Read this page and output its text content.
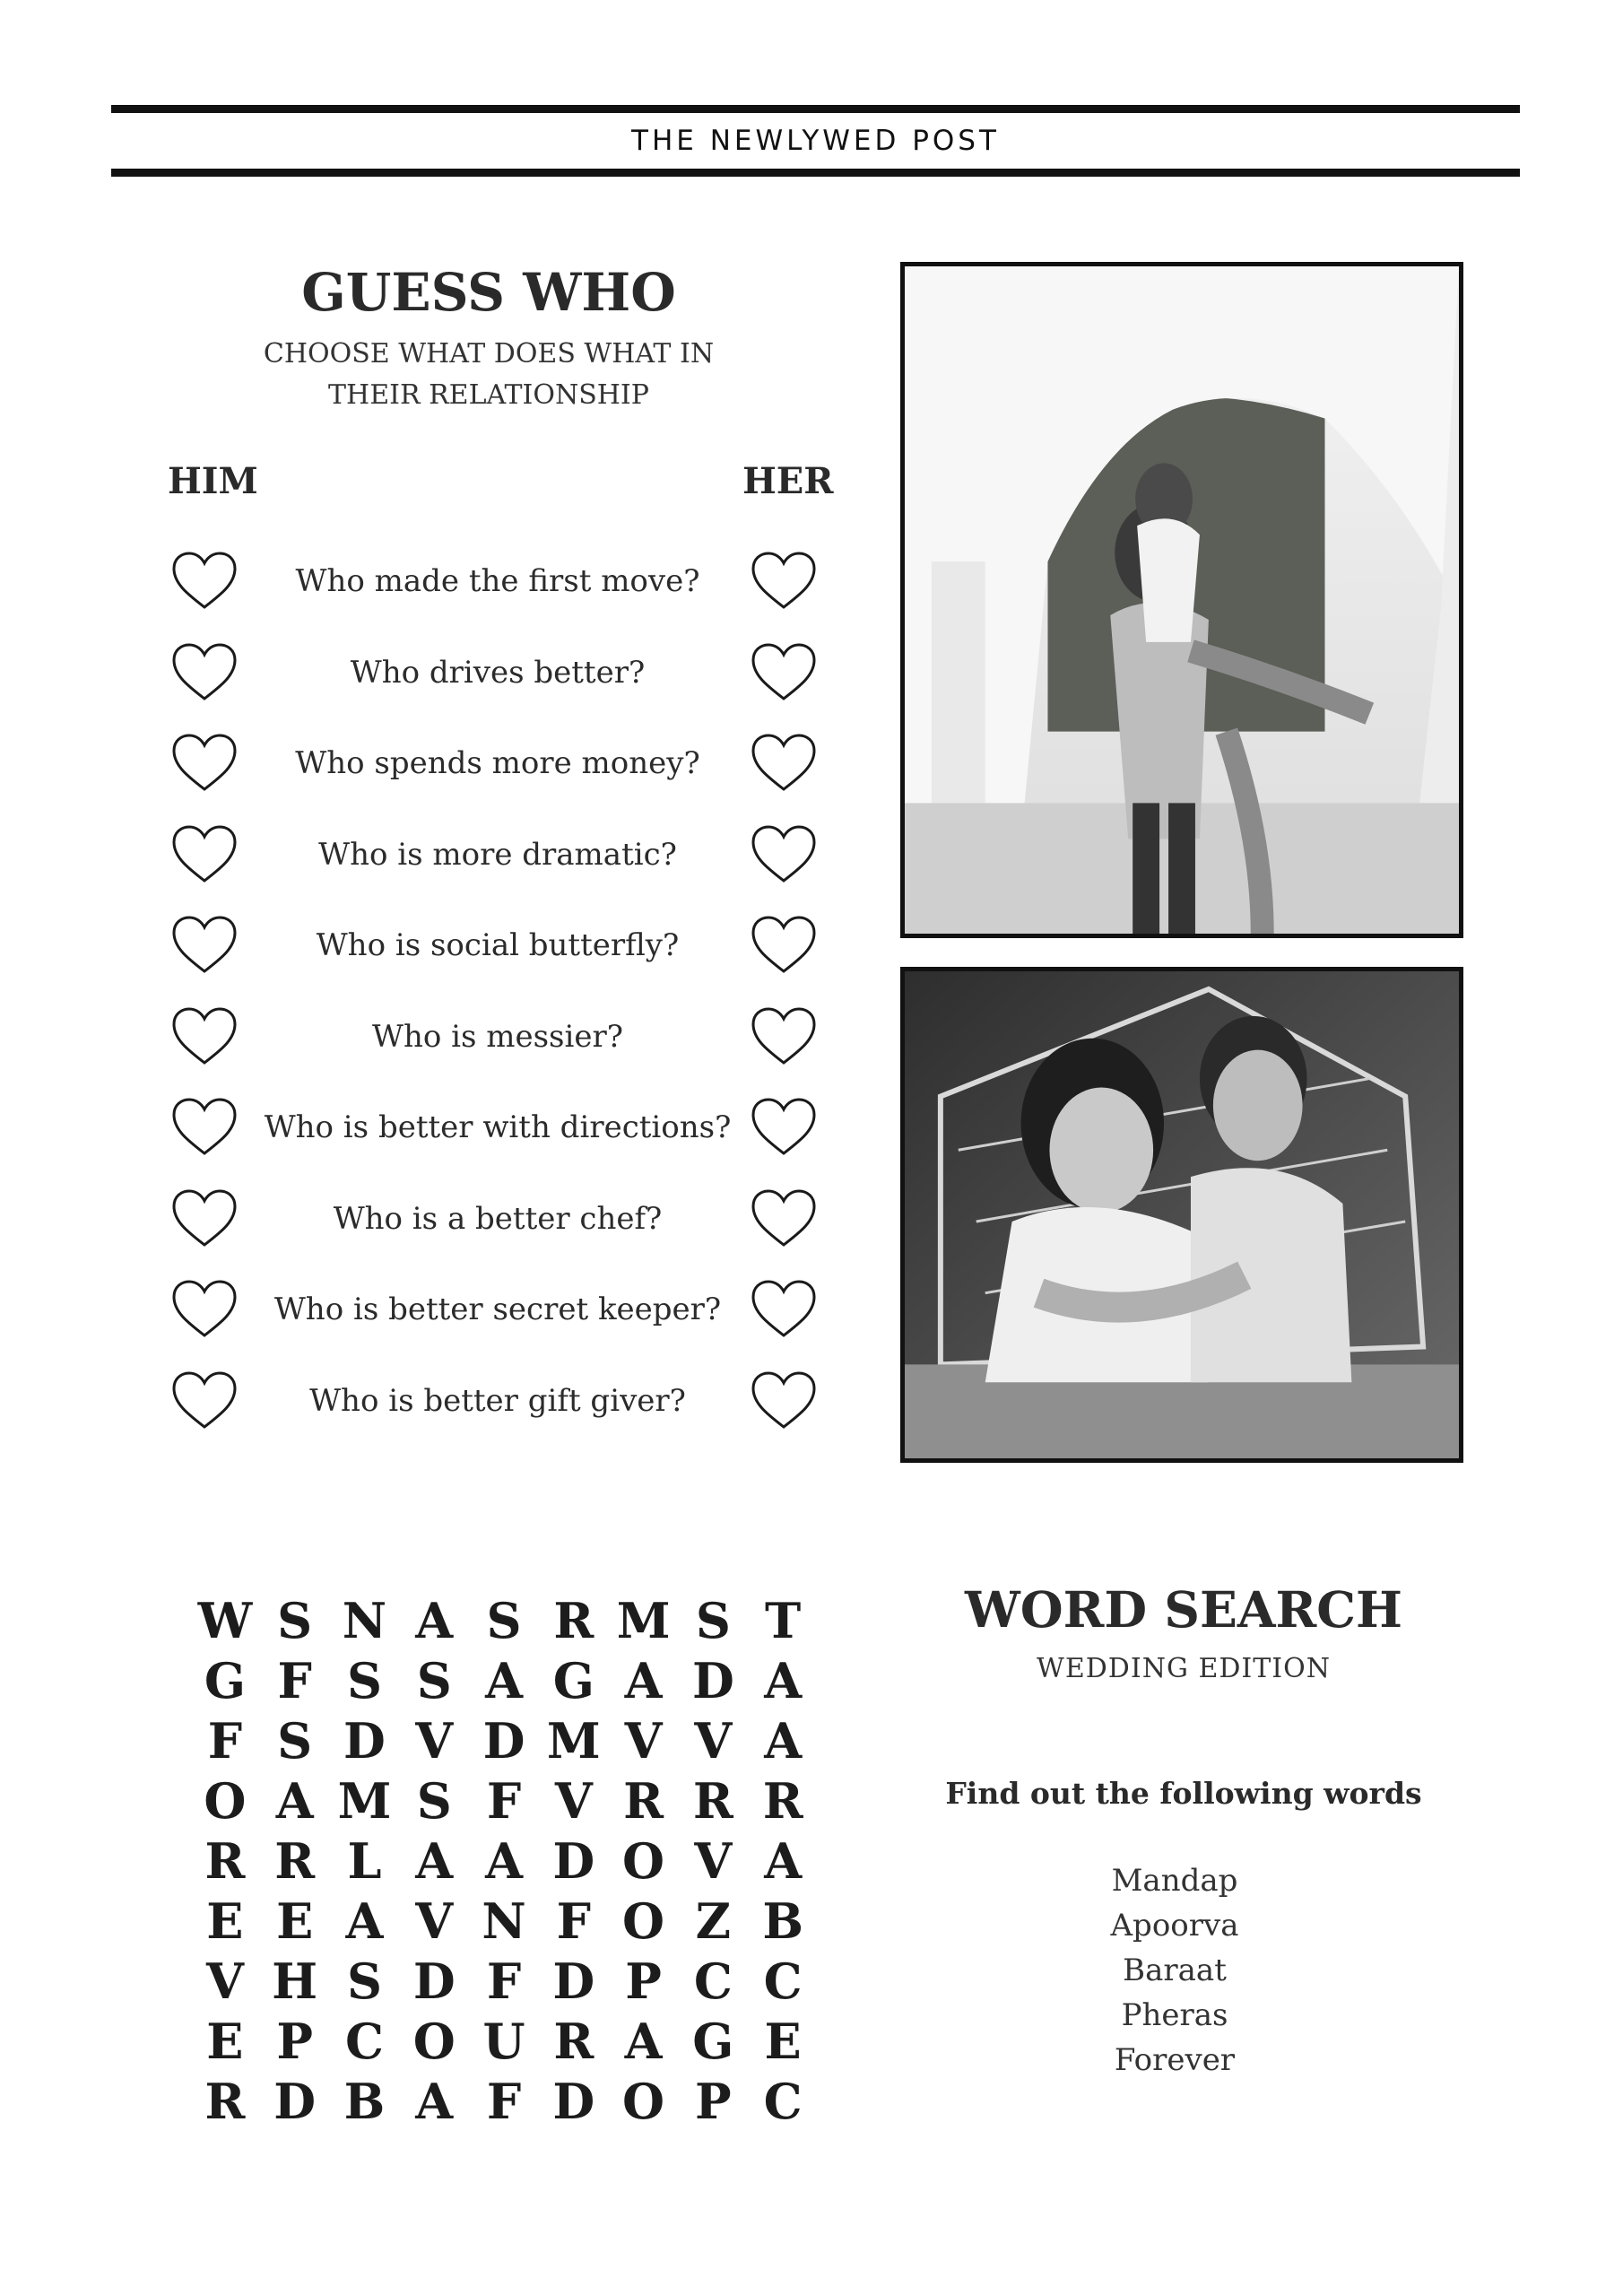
THE NEWLYWED POST
GUESS WHO
CHOOSE WHAT DOES WHAT IN
THEIR RELATIONSHIP
HIM	HER
Who made the first move?
Who drives better?
Who spends more money?
Who is more dramatic?
Who is social butterfly?
Who is messier?
Who is better with directions?
Who is a better chef?
Who is better secret keeper?
Who is better gift giver?
W S N A S R M S T
G F S S A G A D A
F S D V D M V V A
O A M S F V R R R
R R L A A D O V A
E E A V N F O Z B
V H S D F D P C C
E P C O U R A G E
R D B A F D O P C
WORD SEARCH
WEDDING EDITION
Find out the following words
Mandap
Apoorva
Baraat
Pheras
Forever
